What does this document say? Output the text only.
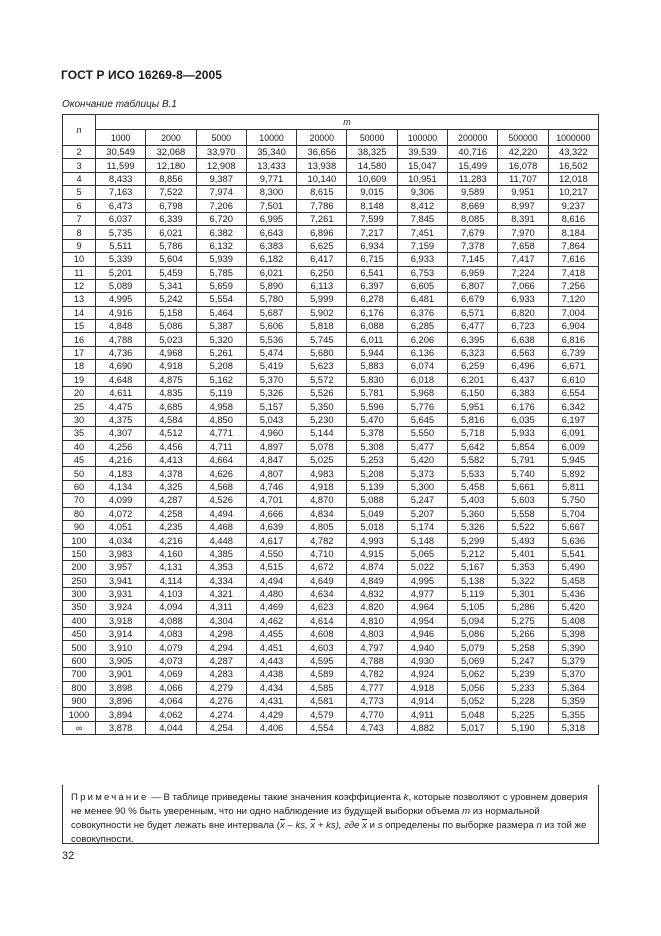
ГОСТ Р ИСО 16269-8—2005
Окончание таблицы В.1
n	m									
	1000	2000	5000	10000	20000	50000	100000	200000	500000	1000000
2	30,549	32,068	33,970	35,340	36,656	38,325	39,539	40,716	42,220	43,322
3	11,599	12,180	12,908	13,433	13,938	14,580	15,047	15,499	16,078	16,502
4	8,433	8,856	9,387	9,771	10,140	10,609	10,951	11,283	11,707	12,018
5	7,163	7,522	7,974	8,300	8,615	9,015	9,306	9,589	9,951	10,217
6	6,473	6,798	7,206	7,501	7,786	8,148	8,412	8,669	8,997	9,237
7	6,037	6,339	6,720	6,995	7,261	7,599	7,845	8,085	8,391	8,616
8	5,735	6,021	6,382	6,643	6,896	7,217	7,451	7,679	7,970	8,184
9	5,511	5,786	6,132	6,383	6,625	6,934	7,159	7,378	7,658	7,864
10	5,339	5,604	5,939	6,182	6,417	6,715	6,933	7,145	7,417	7,616
11	5,201	5,459	5,785	6,021	6,250	6,541	6,753	6,959	7,224	7,418
12	5,089	5,341	5,659	5,890	6,113	6,397	6,605	6,807	7,066	7,256
13	4,995	5,242	5,554	5,780	5,999	6,278	6,481	6,679	6,933	7,120
14	4,916	5,158	5,464	5,687	5,902	6,176	6,376	6,571	6,820	7,004
15	4,848	5,086	5,387	5,606	5,818	6,088	6,285	6,477	6,723	6,904
16	4,788	5,023	5,320	5,536	5,745	6,011	6,206	6,395	6,638	6,816
17	4,736	4,968	5,261	5,474	5,680	5,944	6,136	6,323	6,563	6,739
18	4,690	4,918	5,208	5,419	5,623	5,883	6,074	6,259	6,496	6,671
19	4,648	4,875	5,162	5,370	5,572	5,830	6,018	6,201	6,437	6,610
20	4,611	4,835	5,119	5,326	5,526	5,781	5,968	6,150	6,383	6,554
25	4,475	4,685	4,958	5,157	5,350	5,596	5,776	5,951	6,176	6,342
30	4,375	4,584	4,850	5,043	5,230	5,470	5,645	5,816	6,035	6,197
35	4,307	4,512	4,771	4,960	5,144	5,378	5,550	5,718	5,933	6,091
40	4,256	4,456	4,711	4,897	5,078	5,308	5,477	5,642	5,854	6,009
45	4,216	4,413	4,664	4,847	5,025	5,253	5,420	5,582	5,791	5,945
50	4,183	4,378	4,626	4,807	4,983	5,208	5,373	5,533	5,740	5,892
60	4,134	4,325	4,568	4,746	4,918	5,139	5,300	5,458	5,661	5,811
70	4,099	4,287	4,526	4,701	4,870	5,088	5,247	5,403	5,603	5,750
80	4,072	4,258	4,494	4,666	4,834	5,049	5,207	5,360	5,558	5,704
90	4,051	4,235	4,468	4,639	4,805	5,018	5,174	5,326	5,522	5,667
100	4,034	4,216	4,448	4,617	4,782	4,993	5,148	5,299	5,493	5,636
150	3,983	4,160	4,385	4,550	4,710	4,915	5,065	5,212	5,401	5,541
200	3,957	4,131	4,353	4,515	4,672	4,874	5,022	5,167	5,353	5,490
250	3,941	4,114	4,334	4,494	4,649	4,849	4,995	5,138	5,322	5,458
300	3,931	4,103	4,321	4,480	4,634	4,832	4,977	5,119	5,301	5,436
350	3,924	4,094	4,311	4,469	4,623	4,820	4,964	5,105	5,286	5,420
400	3,918	4,088	4,304	4,462	4,614	4,810	4,954	5,094	5,275	5,408
450	3,914	4,083	4,298	4,455	4,608	4,803	4,946	5,086	5,266	5,398
500	3,910	4,079	4,294	4,451	4,603	4,797	4,940	5,079	5,258	5,390
600	3,905	4,073	4,287	4,443	4,595	4,788	4,930	5,069	5,247	5,379
700	3,901	4,069	4,283	4,438	4,589	4,782	4,924	5,062	5,239	5,370
800	3,898	4,066	4,279	4,434	4,585	4,777	4,918	5,056	5,233	5,364
900	3,896	4,064	4,276	4,431	4,581	4,773	4,914	5,052	5,228	5,359
1000	3,894	4,062	4,274	4,429	4,579	4,770	4,911	5,048	5,225	5,355
∞	3,878	4,044	4,254	4,406	4,554	4,743	4,882	5,017	5,190	5,318
Примечание — В таблице приведены такие значения коэффициента k, которые позволяют с уровнем доверия не менее 90 % быть уверенным, что ни одно наблюдение из будущей выборки объема m из нормальной совокупности не будет лежать вне интервала ($\overline{x}$ – ks, $\overline{x} + ks$), где $\overline{x}$ и s определены по выборке размера n из той же совокупности.
32
